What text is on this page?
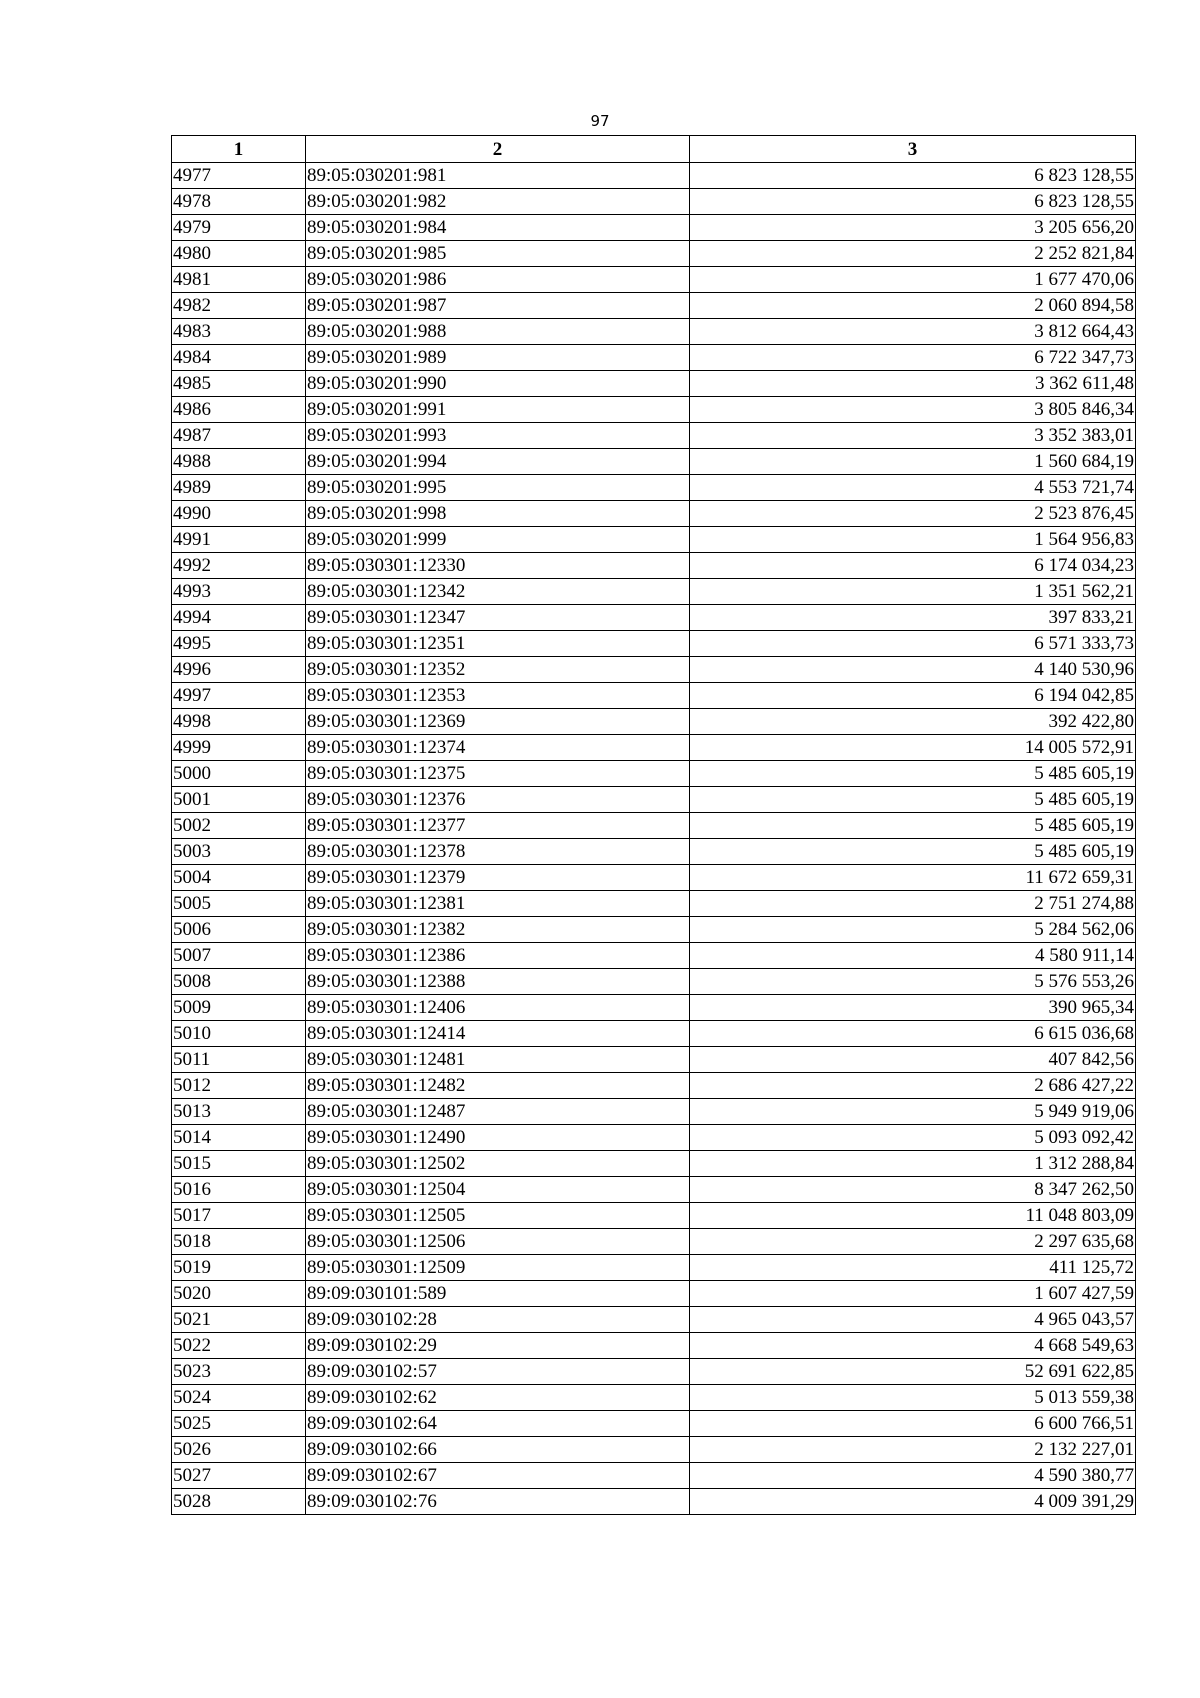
97
1	2	3
4977	89:05:030201:981	6 823 128,55
4978	89:05:030201:982	6 823 128,55
4979	89:05:030201:984	3 205 656,20
4980	89:05:030201:985	2 252 821,84
4981	89:05:030201:986	1 677 470,06
4982	89:05:030201:987	2 060 894,58
4983	89:05:030201:988	3 812 664,43
4984	89:05:030201:989	6 722 347,73
4985	89:05:030201:990	3 362 611,48
4986	89:05:030201:991	3 805 846,34
4987	89:05:030201:993	3 352 383,01
4988	89:05:030201:994	1 560 684,19
4989	89:05:030201:995	4 553 721,74
4990	89:05:030201:998	2 523 876,45
4991	89:05:030201:999	1 564 956,83
4992	89:05:030301:12330	6 174 034,23
4993	89:05:030301:12342	1 351 562,21
4994	89:05:030301:12347	397 833,21
4995	89:05:030301:12351	6 571 333,73
4996	89:05:030301:12352	4 140 530,96
4997	89:05:030301:12353	6 194 042,85
4998	89:05:030301:12369	392 422,80
4999	89:05:030301:12374	14 005 572,91
5000	89:05:030301:12375	5 485 605,19
5001	89:05:030301:12376	5 485 605,19
5002	89:05:030301:12377	5 485 605,19
5003	89:05:030301:12378	5 485 605,19
5004	89:05:030301:12379	11 672 659,31
5005	89:05:030301:12381	2 751 274,88
5006	89:05:030301:12382	5 284 562,06
5007	89:05:030301:12386	4 580 911,14
5008	89:05:030301:12388	5 576 553,26
5009	89:05:030301:12406	390 965,34
5010	89:05:030301:12414	6 615 036,68
5011	89:05:030301:12481	407 842,56
5012	89:05:030301:12482	2 686 427,22
5013	89:05:030301:12487	5 949 919,06
5014	89:05:030301:12490	5 093 092,42
5015	89:05:030301:12502	1 312 288,84
5016	89:05:030301:12504	8 347 262,50
5017	89:05:030301:12505	11 048 803,09
5018	89:05:030301:12506	2 297 635,68
5019	89:05:030301:12509	411 125,72
5020	89:09:030101:589	1 607 427,59
5021	89:09:030102:28	4 965 043,57
5022	89:09:030102:29	4 668 549,63
5023	89:09:030102:57	52 691 622,85
5024	89:09:030102:62	5 013 559,38
5025	89:09:030102:64	6 600 766,51
5026	89:09:030102:66	2 132 227,01
5027	89:09:030102:67	4 590 380,77
5028	89:09:030102:76	4 009 391,29
